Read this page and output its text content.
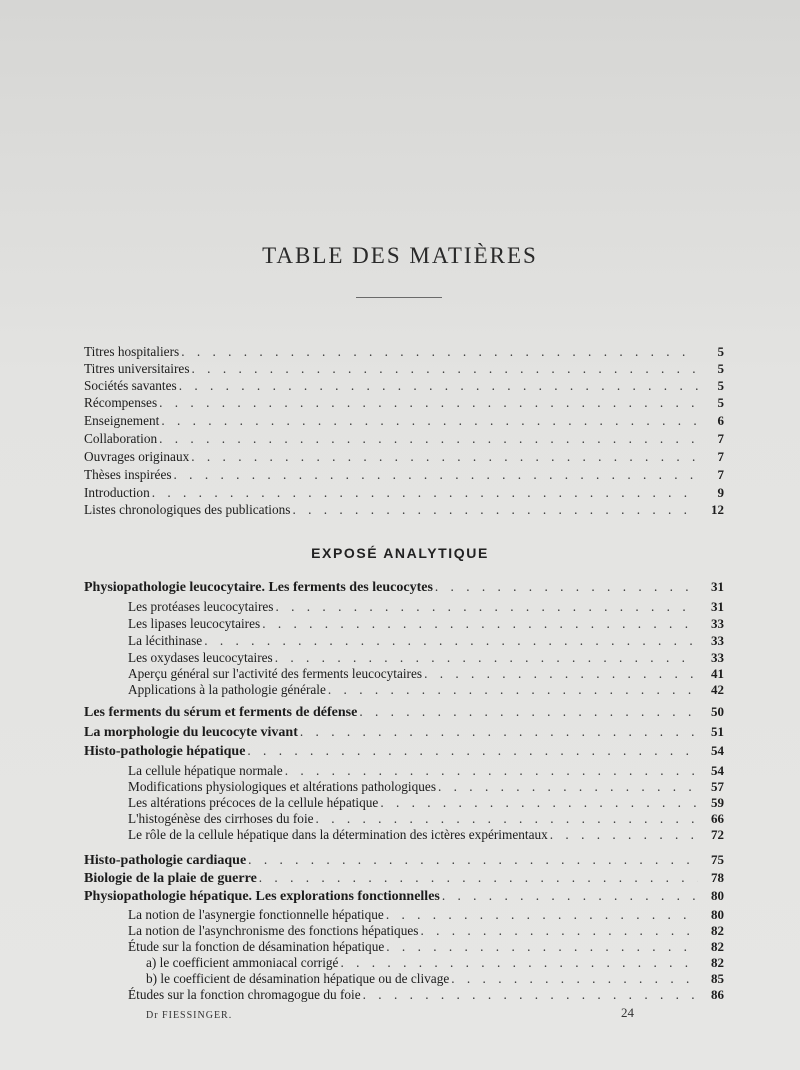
TABLE DES MATIÈRES
Titres hospitaliers . . .	5
Titres universitaires . . .	5
Sociétés savantes . . .	5
Récompenses . . .	5
Enseignement . . .	6
Collaboration . . .	7
Ouvrages originaux . . .	7
Thèses inspirées . . .	7
Introduction . . .	9
Listes chronologiques des publications . . .	12
EXPOSÉ ANALYTIQUE
Physiopathologie leucocytaire. Les ferments des leucocytes . . .	31
Les protéases leucocytaires . . .	31
Les lipases leucocytaires . . .	33
La lécithinase . . .	33
Les oxydases leucocytaires . . .	33
Aperçu général sur l'activité des ferments leucocytaires . . .	41
Applications à la pathologie générale . . .	42
Les ferments du sérum et ferments de défense . . .	50
La morphologie du leucocyte vivant . . .	51
Histo-pathologie hépatique . . .	54
La cellule hépatique normale . . .	54
Modifications physiologiques et altérations pathologiques . . .	57
Les altérations précoces de la cellule hépatique . . .	59
L'histogénèse des cirrhoses du foie . . .	66
Le rôle de la cellule hépatique dans la détermination des ictères expérimentaux . . .	72
Histo-pathologie cardiaque . . .	75
Biologie de la plaie de guerre . . .	78
Physiopathologie hépatique. Les explorations fonctionnelles . . .	80
La notion de l'asynergie fonctionnelle hépatique . . .	80
La notion de l'asynchronisme des fonctions hépatiques . . .	82
Étude sur la fonction de désamination hépatique . . .	82
a) le coefficient ammoniacal corrigé . . .	82
b) le coefficient de désamination hépatique ou de clivage . . .	85
Études sur la fonction chromagogue du foie . . .	86
Dr FIESSINGER.	24
